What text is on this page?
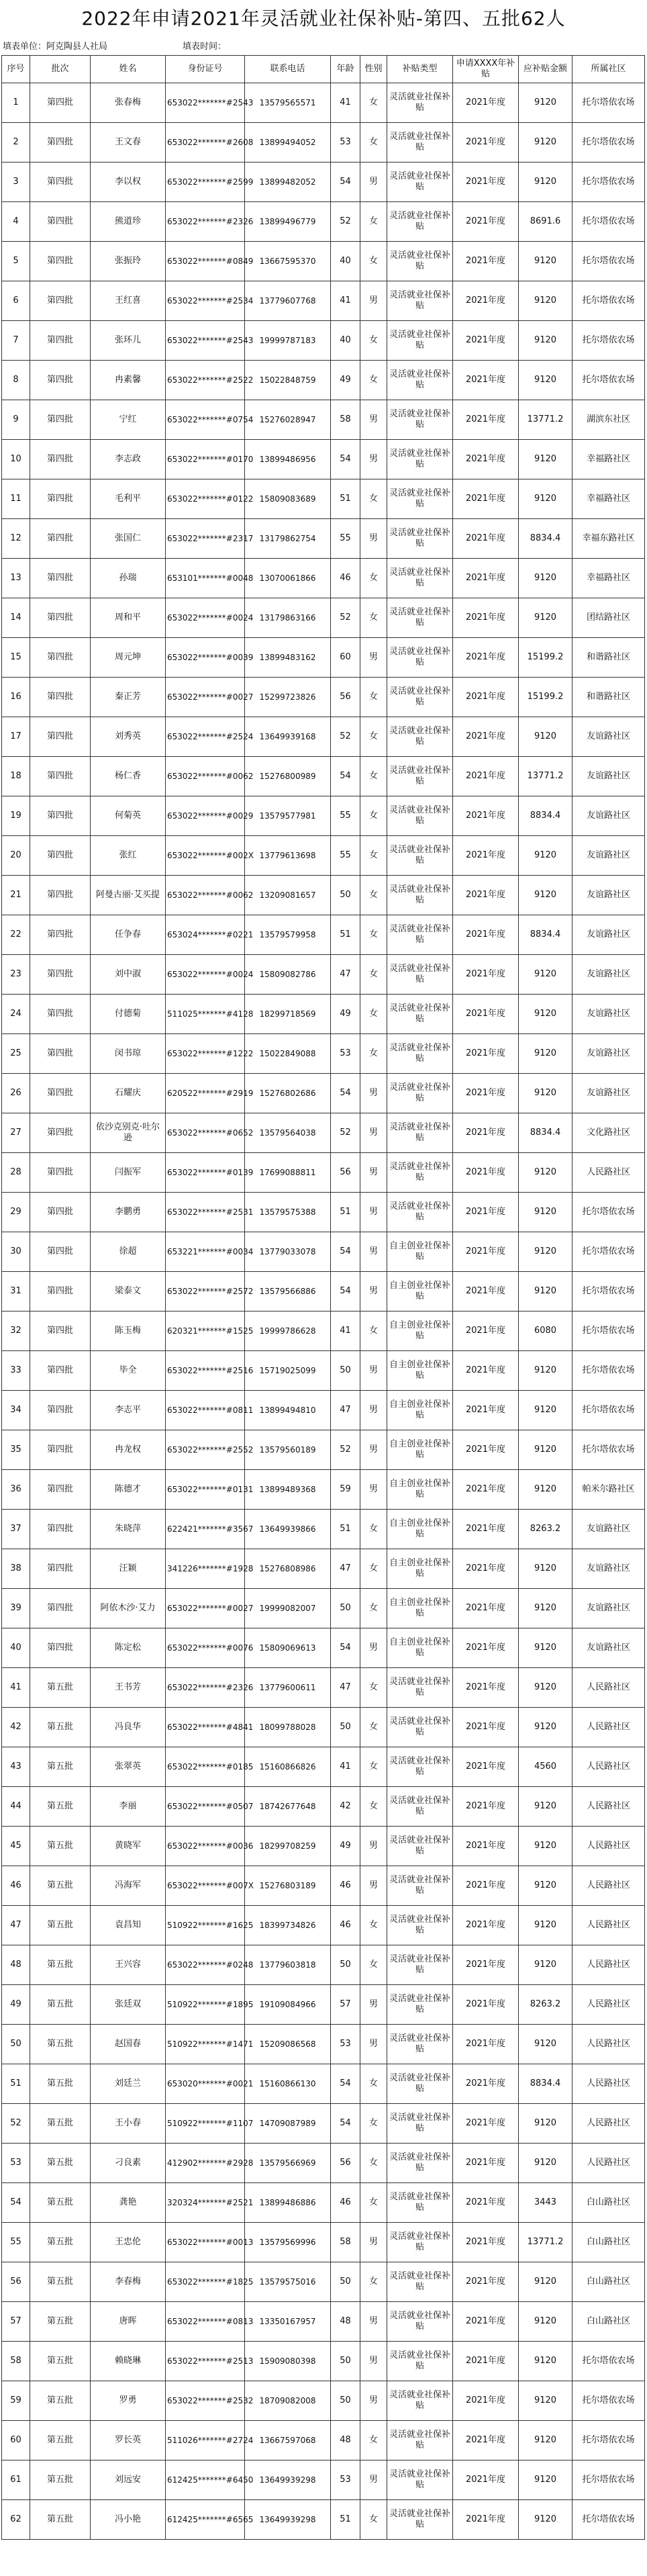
2022年申请2021年灵活就业社保补贴-第四、五批62人
填表单位：阿克陶县人社局	填表时间：
序号	批次	姓名	身份证号	联系电话	年龄	性别	补贴类型	申请XXXX年补贴	应补贴金额	所属社区
1	第四批	张春梅	653022*******#2543	13579565571	41	女	灵活就业社保补贴	2021年度	9120	托尔塔依农场
2	第四批	王文春	653022*******#2608	13899494052	53	女	灵活就业社保补贴	2021年度	9120	托尔塔依农场
3	第四批	李以权	653022*******#2599	13899482052	54	男	灵活就业社保补贴	2021年度	9120	托尔塔依农场
4	第四批	熊道珍	653022*******#2326	13899496779	52	女	灵活就业社保补贴	2021年度	8691.6	托尔塔依农场
5	第四批	张振玲	653022*******#0849	13667595370	40	女	灵活就业社保补贴	2021年度	9120	托尔塔依农场
6	第四批	王红喜	653022*******#2534	13779607768	41	男	灵活就业社保补贴	2021年度	9120	托尔塔依农场
7	第四批	张环儿	653022*******#2543	19999787183	40	女	灵活就业社保补贴	2021年度	9120	托尔塔依农场
8	第四批	冉素馨	653022*******#2522	15022848759	49	女	灵活就业社保补贴	2021年度	9120	托尔塔依农场
9	第四批	宁红	653022*******#0754	15276028947	58	男	灵活就业社保补贴	2021年度	13771.2	湖滨东社区
10	第四批	李志政	653022*******#0170	13899486956	54	男	灵活就业社保补贴	2021年度	9120	幸福路社区
11	第四批	毛利平	653022*******#0122	15809083689	51	女	灵活就业社保补贴	2021年度	9120	幸福路社区
12	第四批	张国仁	653022*******#2317	13179862754	55	男	灵活就业社保补贴	2021年度	8834.4	幸福东路社区
13	第四批	孙瑞	653101*******#0048	13070061866	46	女	灵活就业社保补贴	2021年度	9120	幸福路社区
14	第四批	周和平	653022*******#0024	13179863166	52	女	灵活就业社保补贴	2021年度	9120	团结路社区
15	第四批	周元坤	653022*******#0039	13899483162	60	男	灵活就业社保补贴	2021年度	15199.2	和谐路社区
16	第四批	秦正芳	653022*******#0027	15299723826	56	女	灵活就业社保补贴	2021年度	15199.2	和谐路社区
17	第四批	刘秀英	653022*******#2524	13649939168	52	女	灵活就业社保补贴	2021年度	9120	友谊路社区
18	第四批	杨仁香	653022*******#0062	15276800989	54	女	灵活就业社保补贴	2021年度	13771.2	友谊路社区
19	第四批	何菊英	653022*******#0029	13579577981	55	女	灵活就业社保补贴	2021年度	8834.4	友谊路社区
20	第四批	张红	653022*******#002X	13779613698	55	女	灵活就业社保补贴	2021年度	9120	友谊路社区
21	第四批	阿曼古丽·艾买提	653022*******#0062	13209081657	50	女	灵活就业社保补贴	2021年度	9120	友谊路社区
22	第四批	任争春	653024*******#0221	13579579958	51	女	灵活就业社保补贴	2021年度	8834.4	友谊路社区
23	第四批	刘中淑	653022*******#0024	15809082786	47	女	灵活就业社保补贴	2021年度	9120	友谊路社区
24	第四批	付德菊	511025*******#4128	18299718569	49	女	灵活就业社保补贴	2021年度	9120	友谊路社区
25	第四批	闵书琼	653022*******#1222	15022849088	53	女	灵活就业社保补贴	2021年度	9120	友谊路社区
26	第四批	石耀庆	620522*******#2919	15276802686	54	男	灵活就业社保补贴	2021年度	9120	友谊路社区
27	第四批	依沙克别克·吐尔逊	653022*******#0652	13579564038	52	男	灵活就业社保补贴	2021年度	8834.4	文化路社区
28	第四批	闫振军	653022*******#0139	17699088811	56	男	灵活就业社保补贴	2021年度	9120	人民路社区
29	第四批	李鹏勇	653022*******#2531	13579575388	51	男	灵活就业社保补贴	2021年度	9120	托尔塔依农场
30	第四批	徐超	653221*******#0034	13779033078	54	男	自主创业社保补贴	2021年度	9120	托尔塔依农场
31	第四批	梁泰文	653022*******#2572	13579566886	54	男	自主创业社保补贴	2021年度	9120	托尔塔依农场
32	第四批	陈玉梅	620321*******#1525	19999786628	41	女	自主创业社保补贴	2021年度	6080	托尔塔依农场
33	第四批	毕全	653022*******#2516	15719025099	50	男	自主创业社保补贴	2021年度	9120	托尔塔依农场
34	第四批	李志平	653022*******#0811	13899494810	47	男	自主创业社保补贴	2021年度	9120	托尔塔依农场
35	第四批	冉龙权	653022*******#2552	13579560189	52	男	自主创业社保补贴	2021年度	9120	托尔塔依农场
36	第四批	陈德才	653022*******#0131	13899489368	59	男	自主创业社保补贴	2021年度	9120	帕米尔路社区
37	第四批	朱晓萍	622421*******#3567	13649939866	51	女	自主创业社保补贴	2021年度	8263.2	友谊路社区
38	第四批	汪颖	341226*******#1928	15276808986	47	女	自主创业社保补贴	2021年度	9120	友谊路社区
39	第四批	阿依木沙·艾力	653022*******#0027	19999082007	50	女	自主创业社保补贴	2021年度	9120	友谊路社区
40	第四批	陈定松	653022*******#0076	15809069613	54	男	自主创业社保补贴	2021年度	9120	友谊路社区
41	第五批	王书芳	653022*******#2326	13779600611	47	女	灵活就业社保补贴	2021年度	9120	人民路社区
42	第五批	冯良华	653022*******#4841	18099788028	50	女	灵活就业社保补贴	2021年度	9120	人民路社区
43	第五批	张翠英	653022*******#0185	15160866826	41	女	灵活就业社保补贴	2021年度	4560	人民路社区
44	第五批	李丽	653022*******#0507	18742677648	42	女	灵活就业社保补贴	2021年度	9120	人民路社区
45	第五批	黄晓军	653022*******#0036	18299708259	49	男	灵活就业社保补贴	2021年度	9120	人民路社区
46	第五批	冯海军	653022*******#007X	15276803189	46	男	灵活就业社保补贴	2021年度	9120	人民路社区
47	第五批	袁昌知	510922*******#1625	18399734826	46	女	灵活就业社保补贴	2021年度	9120	人民路社区
48	第五批	王兴容	653022*******#0248	13779603818	50	女	灵活就业社保补贴	2021年度	9120	人民路社区
49	第五批	张廷双	510922*******#1895	19109084966	57	男	灵活就业社保补贴	2021年度	8263.2	人民路社区
50	第五批	赵国春	510922*******#1471	15209086568	53	男	灵活就业社保补贴	2021年度	9120	人民路社区
51	第五批	刘廷兰	653020*******#0021	15160866130	54	女	灵活就业社保补贴	2021年度	8834.4	人民路社区
52	第五批	王小春	510922*******#1107	14709087989	54	女	灵活就业社保补贴	2021年度	9120	人民路社区
53	第五批	刁良素	412902*******#2928	13579566969	56	女	灵活就业社保补贴	2021年度	9120	人民路社区
54	第五批	龚艳	320324*******#2521	13899486886	46	女	灵活就业社保补贴	2021年度	3443	白山路社区
55	第五批	王忠伦	653022*******#0013	13579569996	58	男	灵活就业社保补贴	2021年度	13771.2	白山路社区
56	第五批	李春梅	653022*******#1825	13579575016	50	女	灵活就业社保补贴	2021年度	9120	白山路社区
57	第五批	唐晖	653022*******#0813	13350167957	48	男	灵活就业社保补贴	2021年度	9120	白山路社区
58	第五批	赖晓琳	653022*******#2513	15909080398	50	男	灵活就业社保补贴	2021年度	9120	托尔塔依农场
59	第五批	罗勇	653022*******#2532	18709082008	50	男	灵活就业社保补贴	2021年度	9120	托尔塔依农场
60	第五批	罗长英	511026*******#2724	13667597068	48	女	灵活就业社保补贴	2021年度	9120	托尔塔依农场
61	第五批	刘远安	612425*******#6450	13649939298	53	男	灵活就业社保补贴	2021年度	9120	托尔塔依农场
62	第五批	冯小艳	612425*******#6565	13649939298	51	女	灵活就业社保补贴	2021年度	9120	托尔塔依农场
